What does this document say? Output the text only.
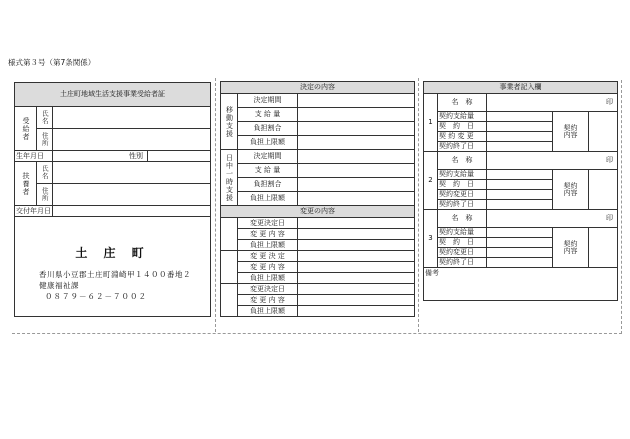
様式第３号（第7条関係）
土庄町地域生活支援事業受給者証			
受給者	氏名		
	住所		
生年月日		性別	
扶養者	氏名		
	住所		
交付年月日			

土 庄 町
香川県小豆郡土庄町淵崎甲１４００番地２
健康福祉課
０８７９－６２－７００２			
決定の内容		
移動支援	決定期間	
	支 給 量	
	負担割合	
	負担上限額	
日中一時支援	決定期間	
	支 給 量	
	負担割合	
	負担上限額	
変更の内容		
	変更決定日	
	変 更 内 容	
	負担上限額	
	変 更 決 定	
	変 更 内 容	
	負担上限額	
	変更決定日	
	変 更 内 容	
	負担上限額	
事業者記入欄				
1	名　称	印		
	契約支給量		契約
内容	
	契　約　日			
	契 約 変 更			
	契約終了日			
2	名　称	印		
	契約支給量		契約
内容	
	契　約　日			
	契約変更日			
	契約終了日			
3	名　称	印		
	契約支給量		契約
内容	
	契　約　日			
	契約変更日			
	契約終了日			
備考				
